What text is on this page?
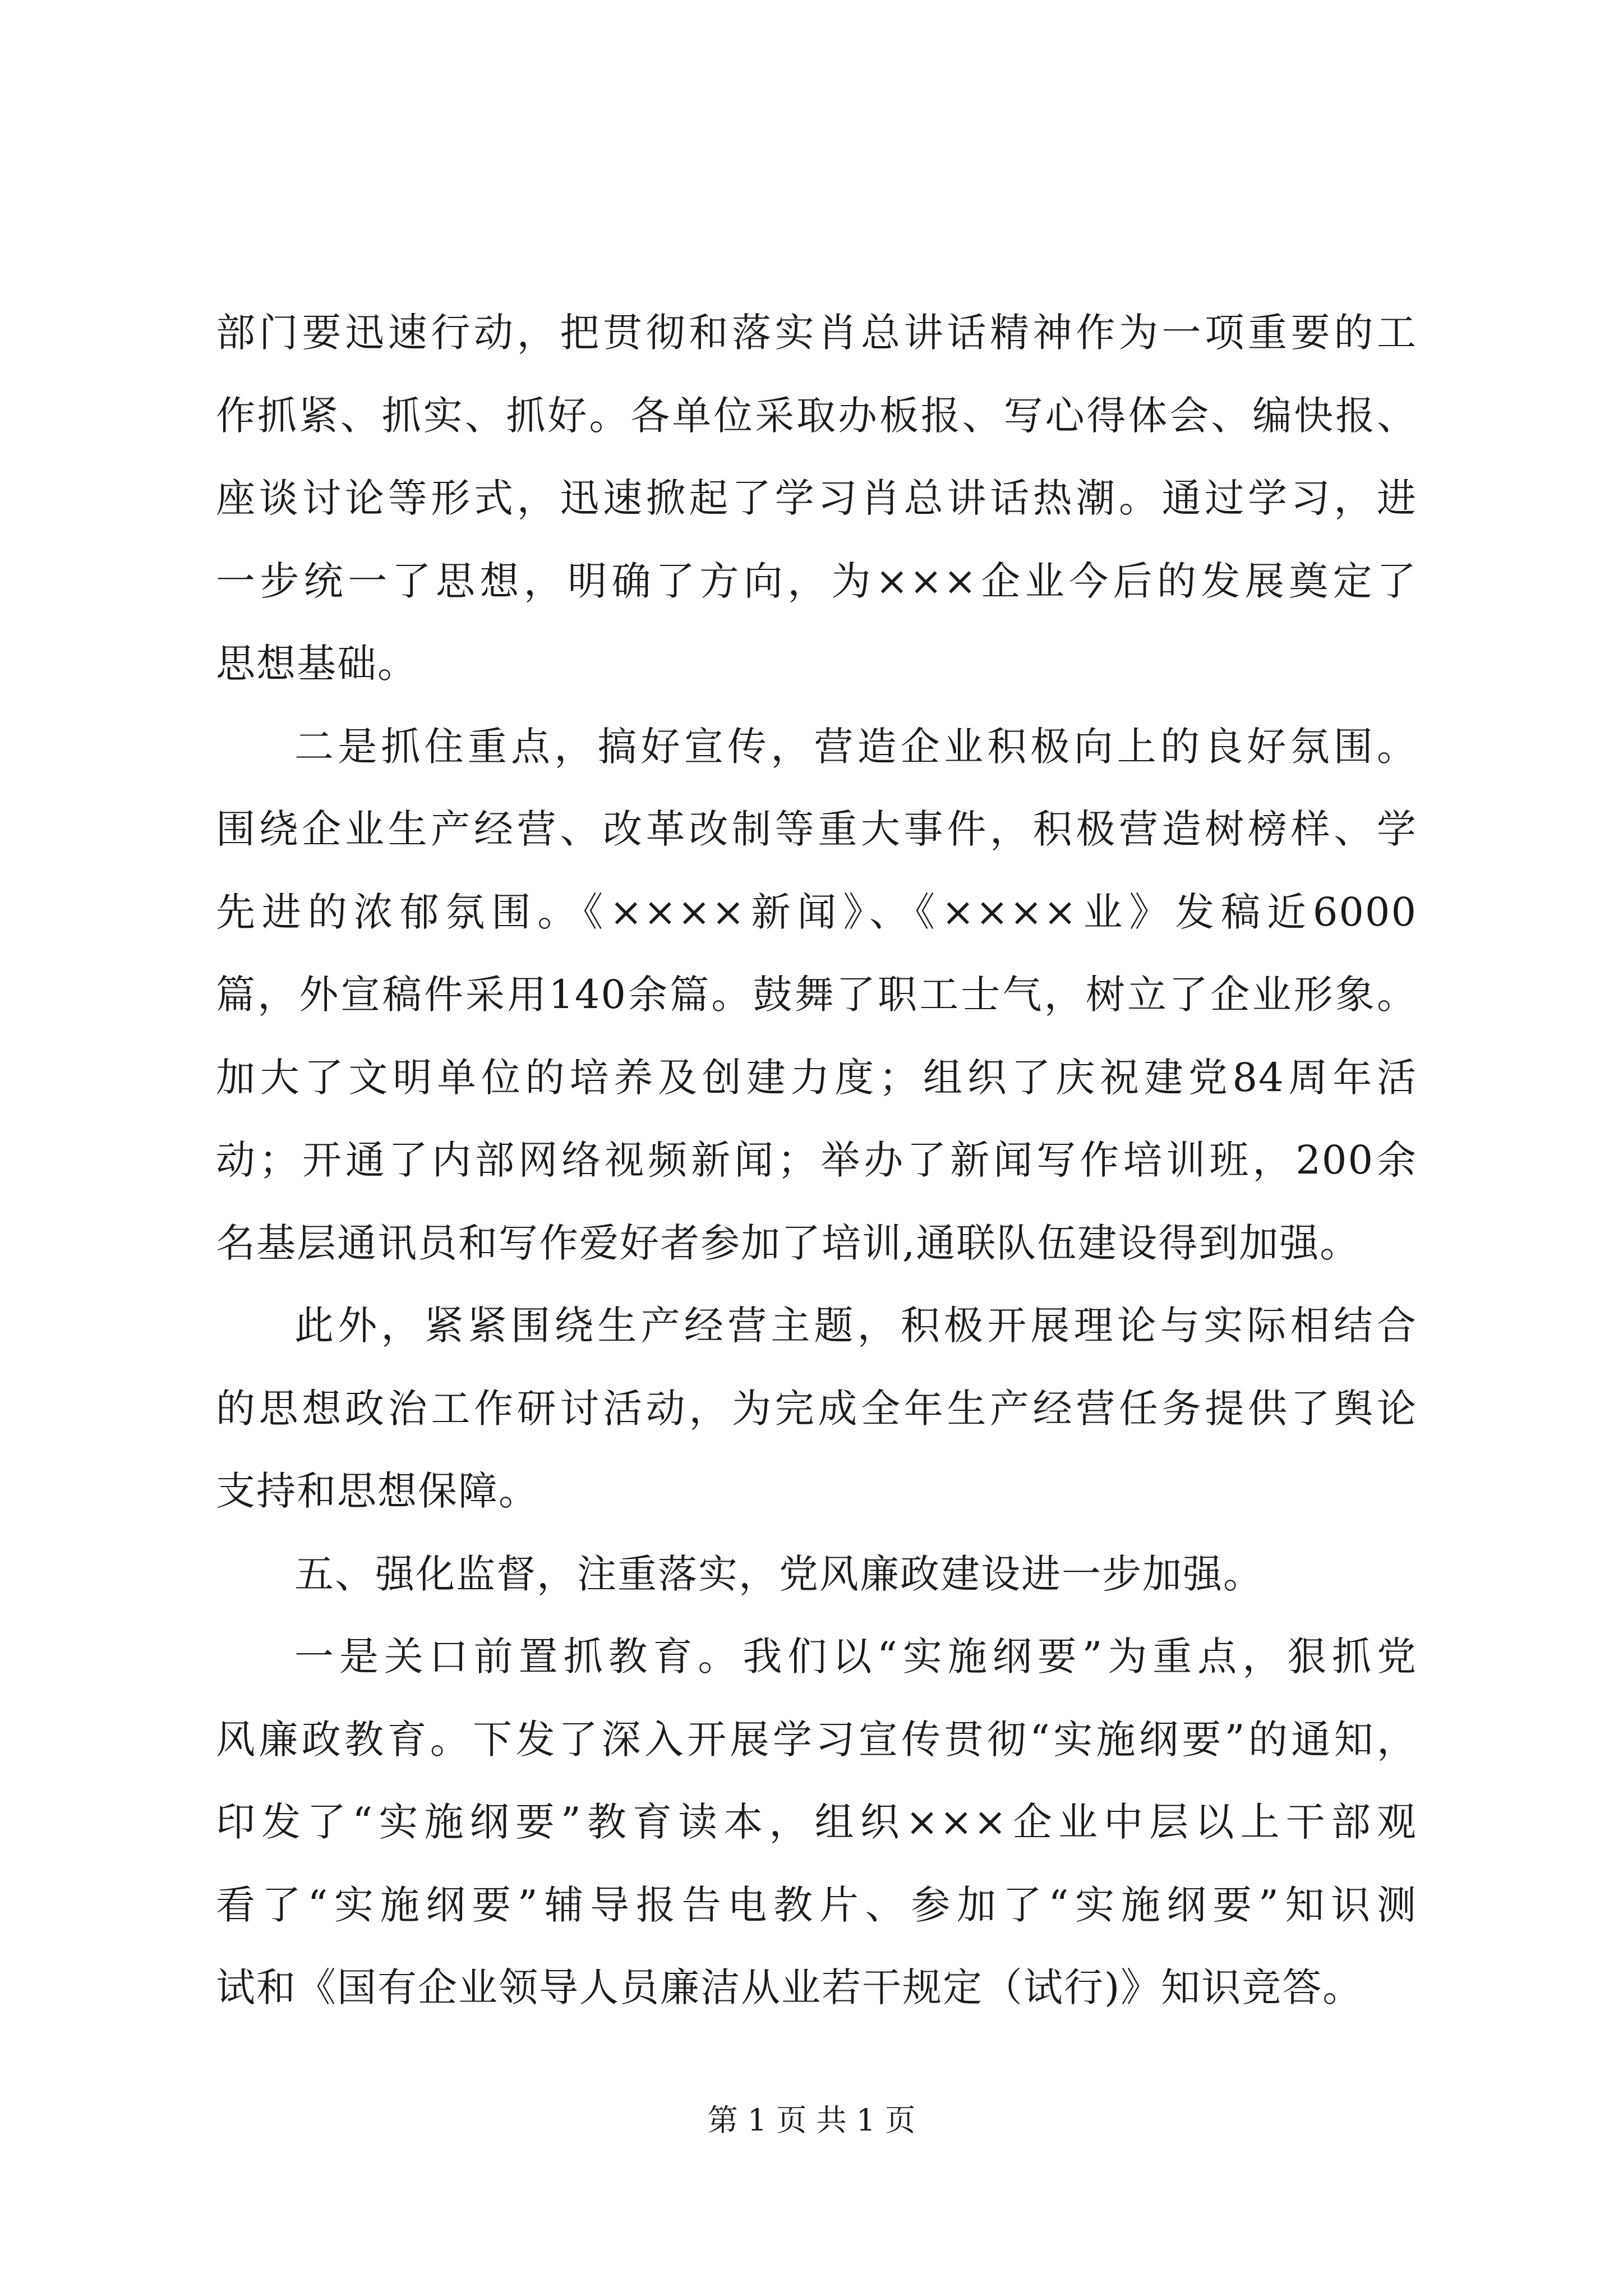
部门要迅速行动，把贯彻和落实肖总讲话精神作为一项重要的工
作抓紧、抓实、抓好。各单位采取办板报、写心得体会、编快报、
座谈讨论等形式，迅速掀起了学习肖总讲话热潮。通过学习，进
一步统一了思想，明确了方向，为×××企业今后的发展奠定了
思想基础。
二是抓住重点，搞好宣传，营造企业积极向上的良好氛围。
围绕企业生产经营、改革改制等重大事件，积极营造树榜样、学
先进的浓郁氛围。《××××新闻》、《××××业》发稿近6000
篇，外宣稿件采用140余篇。鼓舞了职工士气，树立了企业形象。
加大了文明单位的培养及创建力度；组织了庆祝建党84周年活
动；开通了内部网络视频新闻；举办了新闻写作培训班，200余
名基层通讯员和写作爱好者参加了培训,通联队伍建设得到加强。
此外，紧紧围绕生产经营主题，积极开展理论与实际相结合
的思想政治工作研讨活动，为完成全年生产经营任务提供了舆论
支持和思想保障。
五、强化监督，注重落实，党风廉政建设进一步加强。
一是关口前置抓教育。我们以“实施纲要”为重点，狠抓党
风廉政教育。下发了深入开展学习宣传贯彻“实施纲要”的通知，
印发了“实施纲要”教育读本，组织×××企业中层以上干部观
看了“实施纲要”辅导报告电教片、参加了“实施纲要”知识测
试和《国有企业领导人员廉洁从业若干规定（试行)》知识竞答。
第 1 页 共 1 页
